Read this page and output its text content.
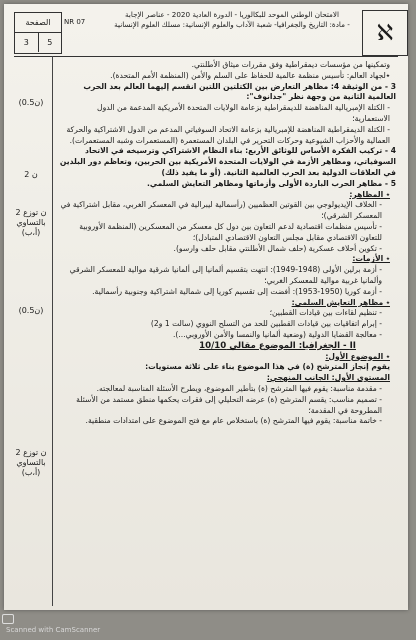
الصفحة
3	5
NR 07
الامتحان الوطني الموحد للبكالوريا - الدورة العادية 2020 - عناصر الإجابة
- مادة: التاريخ والجغرافيا- شعبة الآداب والعلوم الإنسانية: مسلك العلوم الإنسانية	ℵ
(0.5ن)
2 ن
2 ن توزع بالتساوي (أ،ب)
(0.5ن)
2 ن توزع بالتساوي (أ،ب)

وتمكينها من مؤسسات ديمقراطية وفق مقررات ميثاق الأطلنتي.

٭لجهاد العالم: تأسيس منظمة عالمية للحفاظ على السلم والأمن (المنظمة الأمم المتحدة).

3 - من الوثيقة 4: مظاهر التعارض بين الكتلتين اللتين انقسم إليهما العالم بعد الحرب العالمية الثانية من وجهة نظر "جدانوف":

- الكتلة الإمبريالية المناهضة للديمقراطية بزعامة الولايات المتحدة الأمريكية المدعمة من الدول الاستعمارية؛

- الكتلة الديمقراطية المناهضة للإمبريالية بزعامة الاتحاد السوفياتي المدعم من الدول الاشتراكية والحركة العمالية والأحزاب الشيوعية وحركات التحرير في البلدان المستعمرة (المستعمرات وشبه المستعمرات).

4 - تركيب الفكرة الأساس للوثائق الأربع: بناء النظام الاشتراكي وترسيخه في الاتحاد السوفياتي، ومظاهر الأزمة في الولايات المتحدة الأمريكية بين الحربين، وتعاظم دور البلدين في العلاقات الدولية بعد الحرب العالمية الثانية. (أو ما يفيد ذلك)

5 - مظاهر الحرب الباردة الأولى وأزماتها ومظاهر التعايش السلمي.

٭ المظاهر:

- الخلاف الإيديولوجي بين القوتين العظميين (رأسمالية ليبرالية في المعسكر الغربي، مقابل اشتراكية في المعسكر الشرقي)؛

- تأسيس منظمات اقتصادية لدعم التعاون بين دول كل معسكر من المعسكرين (المنظمة الأوروبية للتعاون الاقتصادي مقابل مجلس التعاون الاقتصادي المتبادل)؛

- تكوين أحلاف عسكرية (حلف شمال الأطلنتي مقابل حلف وارسو).

٭ الأزمات:

- أزمة برلين الأولى (1948-1949): انتهت بتقسيم ألمانيا إلى ألمانيا شرقية موالية للمعسكر الشرقي وألمانيا غربية موالية للمعسكر الغربي؛

- أزمة كوريا (1950-1953): أفضت إلى تقسيم كوريا إلى شمالية اشتراكية وجنوبية رأسمالية.

٭ مظاهر التعايش السلمي:

- تنظيم لقاءات بين قيادات القطبين؛

- إبرام اتفاقيات بين قيادات القطبين للحد من التسلح النووي (سالت 1 و2)

- معالجة القضايا الدولية (وضعية ألمانيا والنمسا والأمن الأوروبي...).

II - الجغرافيا: الموضوع مقالي 10/10

٭ الموضوع الأول:

يقوم إنجاز المترشح (ة) في هذا الموضوع بناء على ثلاثة مستويات:

المستوى الأول: الجانب المنهجي:

- مقدمة مناسبة: يقوم فيها المترشح (ة) بتأطير الموضوع، ويطرح الأسئلة المناسبة لمعالجته.

- تصميم مناسب: يقسم المترشح (ة) عرضه التحليلي إلى فقرات يحكمها منطق مستمد من الأسئلة المطروحة في المقدمة؛

- خاتمة مناسبة: يقوم فيها المترشح (ة) باستخلاص عام مع فتح الموضوع على امتدادات منطقية.

Scanned with CamScanner
